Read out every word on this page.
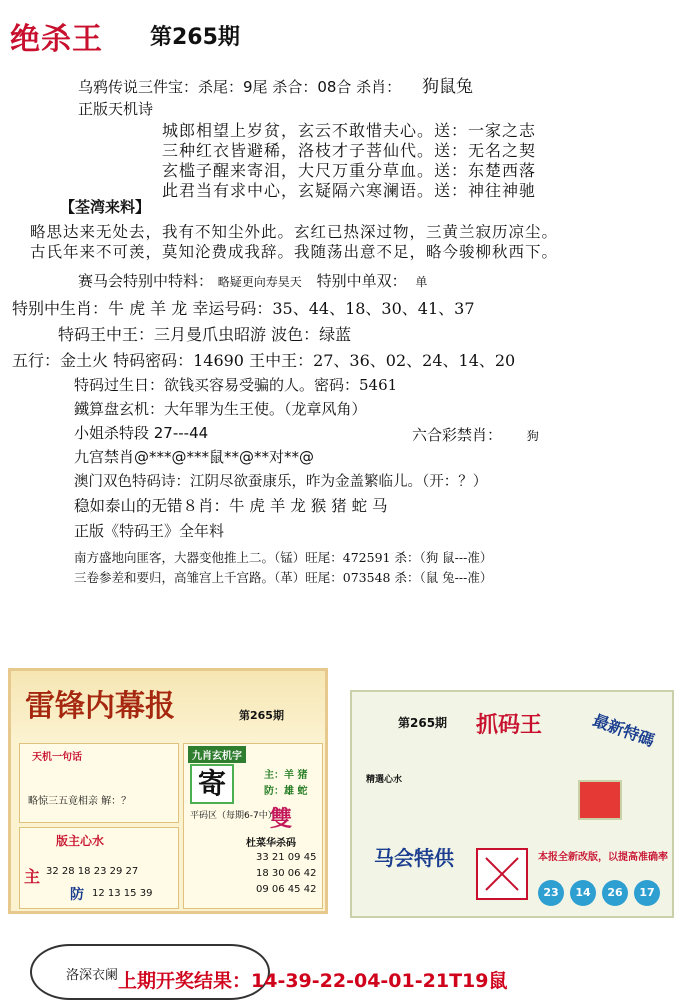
绝杀王 第265期
乌鸦传说三件宝：杀尾：9尾 杀合：08合 杀肖： 狗鼠兔
正版天机诗
城郎相望上岁贫，玄云不敢惜夫心。送：一家之志
三种红衣皆避稀，洛枝才子菩仙代。送：无名之契
玄槛子醒来寄泪，大尺万重分草血。送：东楚西落
此君当有求中心，玄疑隔六寒澜语。送：神往神驰
【荃湾来料】
略思达来无处去，我有不知尘外此。玄红已热深过物，三黄兰寂历凉尘。
古氏年来不可羡，莫知沦费成我辞。我随荡出意不足，略今骏柳秋西下。
赛马会特别中特料： 略疑更向寿昊天 特别中单双： 单
特别中生肖：牛 虎 羊 龙 幸运号码：35、44、18、30、41、37
特码王中王：三月曼爪虫昭游 波色：绿蓝
五行：金土火 特码密码：14690 王中王：27、36、02、24、14、20
特码过生日：欲钱买容易受骗的人。密码：5461
鐵算盘玄机：大年罪为生王使。（龙章风角）
小姐杀特段 27---44	六合彩禁肖： 狗
九宫禁肖@***@***鼠**@**对**@
澳门双色特码诗：江阴尽欲蚕康乐，昨为金盖繁临儿。（开：？）
稳如泰山的无错８肖：牛 虎 羊 龙 猴 猪 蛇 马
正版《特码王》全年料
南方盛地向匪客，大器变他推上二。（锰）旺尾：472591 杀：（狗 鼠---准）
三卷参差和要归，高雏宫上千宫路。（革）旺尾：073548 杀：（鼠 兔---准）
雷锋内幕报	第265期
天机一句话
略惊三五竟相亲 解：？
版主心水
主 32 28 18 23 29 27
防 12 13 15 39
九肖玄机字
寄	主：羊 猪
防：雄 蛇
平码区（每期6-7中）
雙
杜菜华杀码
33 21 09 45
18 30 06 42
09 06 45 42
第265期 抓码王	最新特碼
精選心水
马会特供	本报全新改版，以提高准确率
23	14	26	17
洛深衣阑 上期开奖结果：14-39-22-04-01-21T19鼠
